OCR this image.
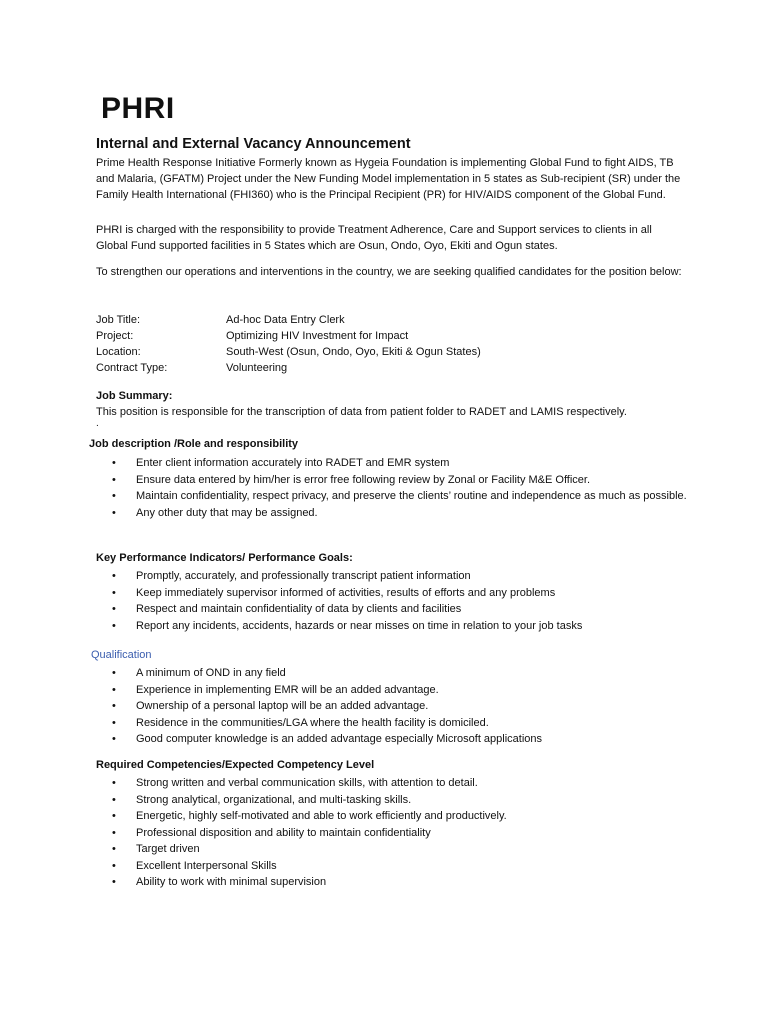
PHRI
Internal and External Vacancy Announcement
Prime Health Response Initiative Formerly known as Hygeia Foundation is implementing Global Fund to fight AIDS, TB and Malaria, (GFATM) Project under the New Funding Model implementation in 5 states as Sub-recipient (SR) under the Family Health International (FHI360) who is the Principal Recipient (PR) for HIV/AIDS component of the Global Fund.
PHRI is charged with the responsibility to provide Treatment Adherence, Care and Support services to clients in all Global Fund supported facilities in 5 States which are Osun, Ondo, Oyo, Ekiti and Ogun states.
To strengthen our operations and interventions in the country, we are seeking qualified candidates for the position below:
Job Title:	Ad-hoc Data Entry Clerk
Project:	Optimizing HIV Investment for Impact
Location:	South-West (Osun, Ondo, Oyo, Ekiti & Ogun States)
Contract Type:	Volunteering
Job Summary:
This position is responsible for the transcription of data from patient folder to RADET and LAMIS respectively.
.
Job description /Role and responsibility
• Enter client information accurately into RADET and EMR system
• Ensure data entered by him/her is error free following review by Zonal or Facility M&E Officer.
• Maintain confidentiality, respect privacy, and preserve the clients’ routine and independence as much as possible.
• Any other duty that may be assigned.
Key Performance Indicators/ Performance Goals:
• Promptly, accurately, and professionally transcript patient information
• Keep immediately supervisor informed of activities, results of efforts and any problems
• Respect and maintain confidentiality of data by clients and facilities
• Report any incidents, accidents, hazards or near misses on time in relation to your job tasks
Qualification
• A minimum of OND in any field
• Experience in implementing EMR will be an added advantage.
• Ownership of a personal laptop will be an added advantage.
• Residence in the communities/LGA where the health facility is domiciled.
• Good computer knowledge is an added advantage especially Microsoft applications
Required Competencies/Expected Competency Level
• Strong written and verbal communication skills, with attention to detail.
• Strong analytical, organizational, and multi-tasking skills.
• Energetic, highly self-motivated and able to work efficiently and productively.
• Professional disposition and ability to maintain confidentiality
• Target driven
• Excellent Interpersonal Skills
• Ability to work with minimal supervision
